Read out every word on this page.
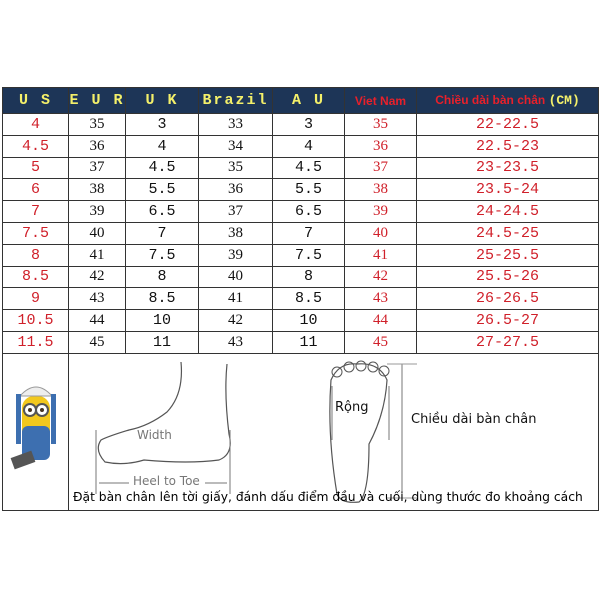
U S	E U R	U K	Brazil	A U	Viet Nam	Chiều dài bàn chân (CM)
4	35	3	33	3	35	22-22.5
4.5	36	4	34	4	36	22.5-23
5	37	4.5	35	4.5	37	23-23.5
6	38	5.5	36	5.5	38	23.5-24
7	39	6.5	37	6.5	39	24-24.5
7.5	40	7	38	7	40	24.5-25
8	41	7.5	39	7.5	41	25-25.5
8.5	42	8	40	8	42	25.5-26
9	43	8.5	41	8.5	43	26-26.5
10.5	44	10	42	10	44	26.5-27
11.5	45	11	43	11	45	27-27.5

Width
Heel to Toe
Rộng
Chiều dài bàn chân
Đặt bàn chân lên tời giấy, đánh dấu điểm đầu và cuối, dùng thước đo khoảng cách					
